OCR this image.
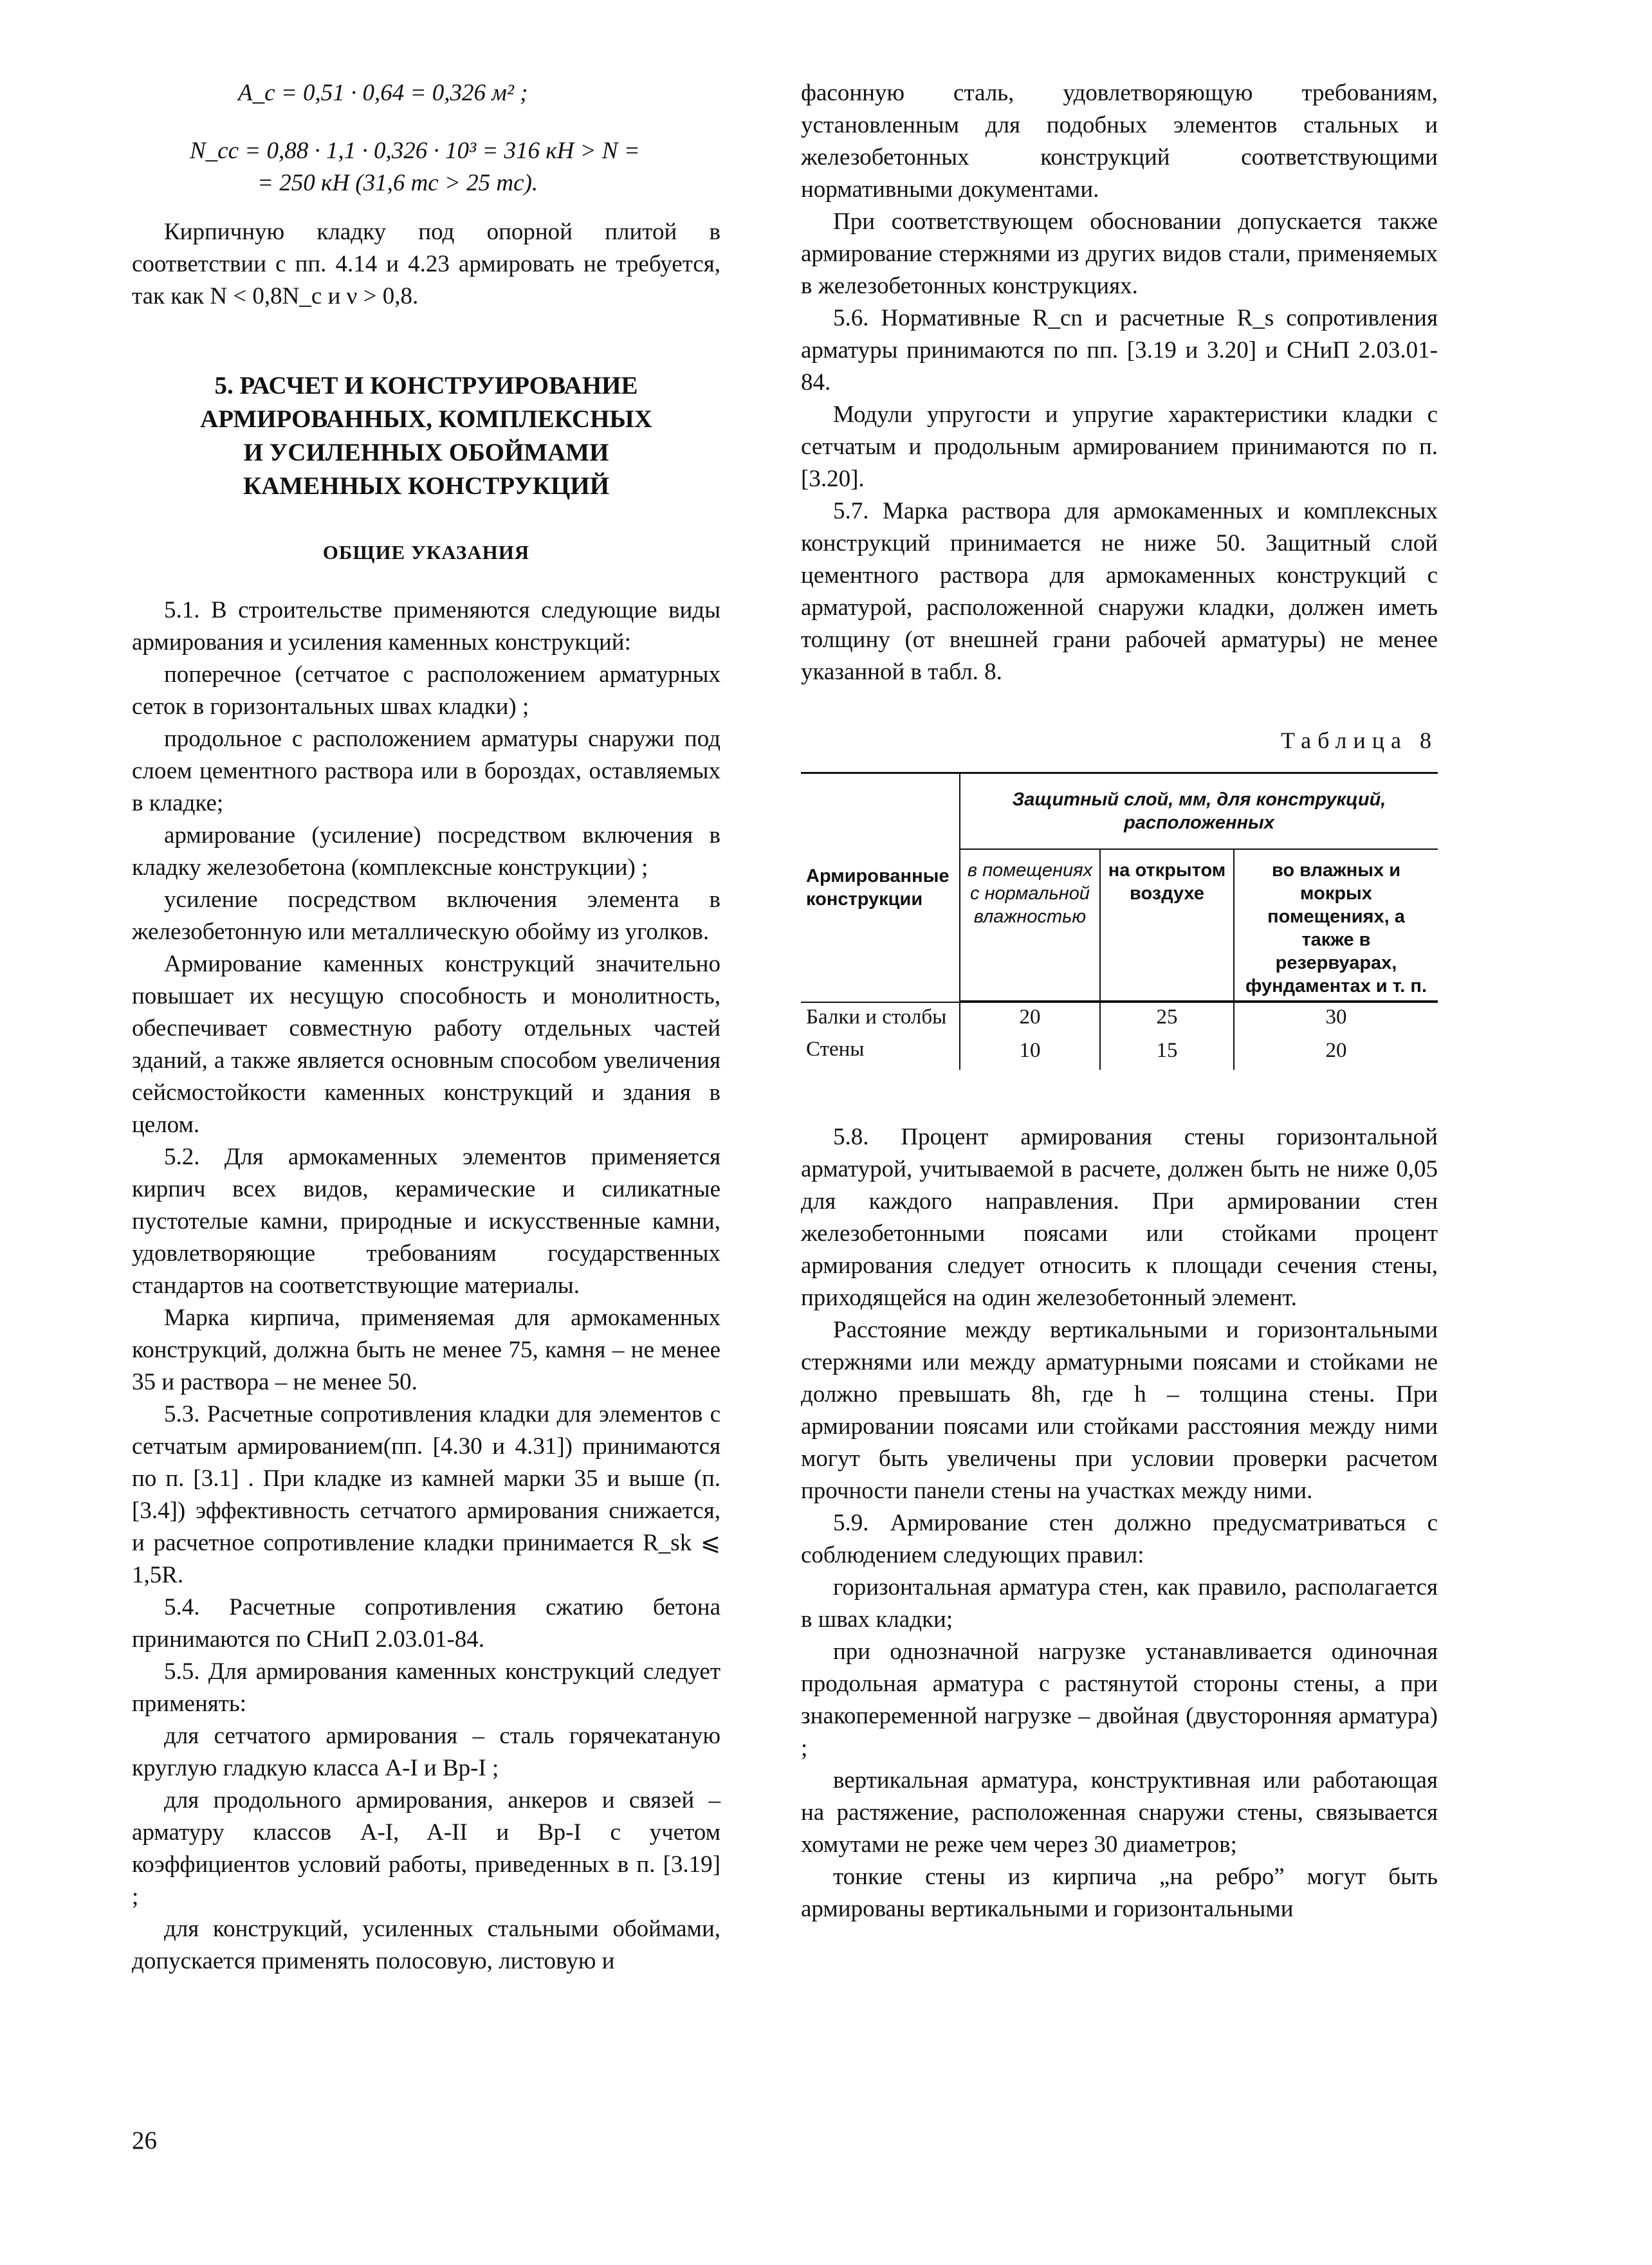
A_c = 0,51 · 0,64 = 0,326 м² ;

N_cc = 0,88 · 1,1 · 0,326 · 10³ = 316 кН > N =

= 250 кН (31,6 тс > 25 тс).

Кирпичную кладку под опорной плитой в соответствии с пп. 4.14 и 4.23 армировать не требуется, так как N < 0,8N_c и ν > 0,8.

5. РАСЧЕТ И КОНСТРУИРОВАНИЕ
АРМИРОВАННЫХ, КОМПЛЕКСНЫХ
И УСИЛЕННЫХ ОБОЙМАМИ
КАМЕННЫХ КОНСТРУКЦИЙ
ОБЩИЕ УКАЗАНИЯ

5.1. В строительстве применяются следующие виды армирования и усиления каменных конструкций:

поперечное (сетчатое с расположением арматурных сеток в горизонтальных швах кладки) ;

продольное с расположением арматуры снаружи под слоем цементного раствора или в бороздах, оставляемых в кладке;

армирование (усиление) посредством включения в кладку железобетона (комплексные конструкции) ;

усиление посредством включения элемента в железобетонную или металлическую обойму из уголков.

Армирование каменных конструкций значительно повышает их несущую способность и монолитность, обеспечивает совместную работу отдельных частей зданий, а также является основным способом увеличения сейсмостойкости каменных конструкций и здания в целом.

5.2. Для армокаменных элементов применяется кирпич всех видов, керамические и силикатные пустотелые камни, природные и искусственные камни, удовлетворяющие требованиям государственных стандартов на соответствующие материалы.

Марка кирпича, применяемая для армокаменных конструкций, должна быть не менее 75, камня – не менее 35 и раствора – не менее 50.

5.3. Расчетные сопротивления кладки для элементов с сетчатым армированием(пп. [4.30 и 4.31]) принимаются по п. [3.1] . При кладке из камней марки 35 и выше (п. [3.4]) эффективность сетчатого армирования снижается, и расчетное сопротивление кладки принимается R_sk ⩽ 1,5R.

5.4. Расчетные сопротивления сжатию бетона принимаются по СНиП 2.03.01-84.

5.5. Для армирования каменных конструкций следует применять:

для сетчатого армирования – сталь горячекатаную круглую гладкую класса A-I и Bp-I ;

для продольного армирования, анкеров и связей – арматуру классов A-I, A-II и Bp-I с учетом коэффициентов условий работы, приведенных в п. [3.19] ;

для конструкций, усиленных стальными обоймами, допускается применять полосовую, листовую и

фасонную сталь, удовлетворяющую требованиям, установленным для подобных элементов стальных и железобетонных конструкций соответствующими нормативными документами.

При соответствующем обосновании допускается также армирование стержнями из других видов стали, применяемых в железобетонных конструкциях.

5.6. Нормативные R_cn и расчетные R_s сопротивления арматуры принимаются по пп. [3.19 и 3.20] и СНиП 2.03.01-84.

Модули упругости и упругие характеристики кладки с сетчатым и продольным армированием принимаются по п. [3.20].

5.7. Марка раствора для армокаменных и комплексных конструкций принимается не ниже 50. Защитный слой цементного раствора для армокаменных конструкций с арматурой, расположенной снаружи кладки, должен иметь толщину (от внешней грани рабочей арматуры) не менее указанной в табл. 8.

Таблица 8
Армированные конструкции	Защитный слой, мм, для конструкций, расположенных		
	в помещениях с нормальной влажностью	на открытом воздухе	во влажных и мокрых помещениях, а также в резервуарах, фундаментах и т. п.

Балки и столбы	20	25	30
Стены	10	15	20

5.8. Процент армирования стены горизонтальной арматурой, учитываемой в расчете, должен быть не ниже 0,05 для каждого направления. При армировании стен железобетонными поясами или стойками процент армирования следует относить к площади сечения стены, приходящейся на один железобетонный элемент.

Расстояние между вертикальными и горизонтальными стержнями или между арматурными поясами и стойками не должно превышать 8h, где h – толщина стены. При армировании поясами или стойками расстояния между ними могут быть увеличены при условии проверки расчетом прочности панели стены на участках между ними.

5.9. Армирование стен должно предусматриваться с соблюдением следующих правил:

горизонтальная арматура стен, как правило, располагается в швах кладки;

при однозначной нагрузке устанавливается одиночная продольная арматура с растянутой стороны стены, а при знакопеременной нагрузке – двойная (двусторонняя арматура) ;

вертикальная арматура, конструктивная или работающая на растяжение, расположенная снаружи стены, связывается хомутами не реже чем через 30 диаметров;

тонкие стены из кирпича „на ребро” могут быть армированы вертикальными и горизонтальными

26
